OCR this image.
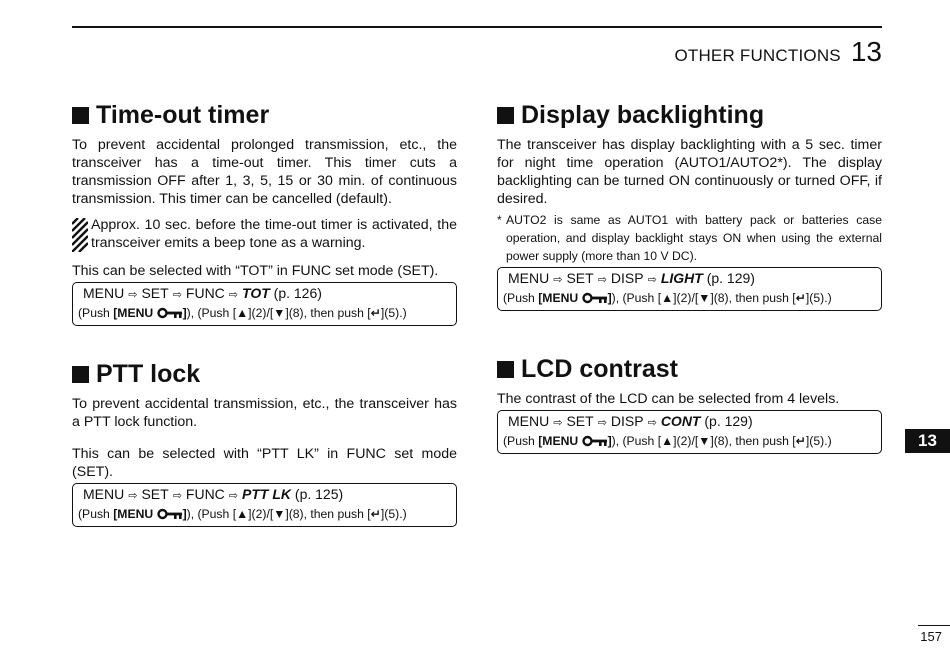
OTHER FUNCTIONS 13
Time-out timer

To prevent accidental prolonged transmission, etc., the transceiver has a time-out timer. This timer cuts a transmission OFF after 1, 3, 5, 15 or 30 min. of continuous transmission. This timer can be cancelled (default).

Approx. 10 sec. before the time-out timer is activated, the transceiver emits a beep tone as a warning.

This can be selected with “TOT” in FUNC set mode (SET).

MENU ⇨ SET ⇨ FUNC ⇨ TOT (p. 126)
(Push [MENU ]), (Push [▲](2)/[▼](8), then push [↵](5).)
PTT lock

To prevent accidental transmission, etc., the transceiver has a PTT lock function.

This can be selected with “PTT LK” in FUNC set mode (SET).

MENU ⇨ SET ⇨ FUNC ⇨ PTT LK (p. 125)
(Push [MENU ]), (Push [▲](2)/[▼](8), then push [↵](5).)
Display backlighting

The transceiver has display backlighting with a 5 sec. timer for night time operation (AUTO1/AUTO2*). The display backlighting can be turned ON continuously or turned OFF, if desired.

* AUTO2 is same as AUTO1 with battery pack or batteries case operation, and display backlight stays ON when using the external power supply (more than 10 V DC).

MENU ⇨ SET ⇨ DISP ⇨ LIGHT (p. 129)
(Push [MENU ]), (Push [▲](2)/[▼](8), then push [↵](5).)
LCD contrast

The contrast of the LCD can be selected from 4 levels.

MENU ⇨ SET ⇨ DISP ⇨ CONT (p. 129)
(Push [MENU ]), (Push [▲](2)/[▼](8), then push [↵](5).)	13
157
